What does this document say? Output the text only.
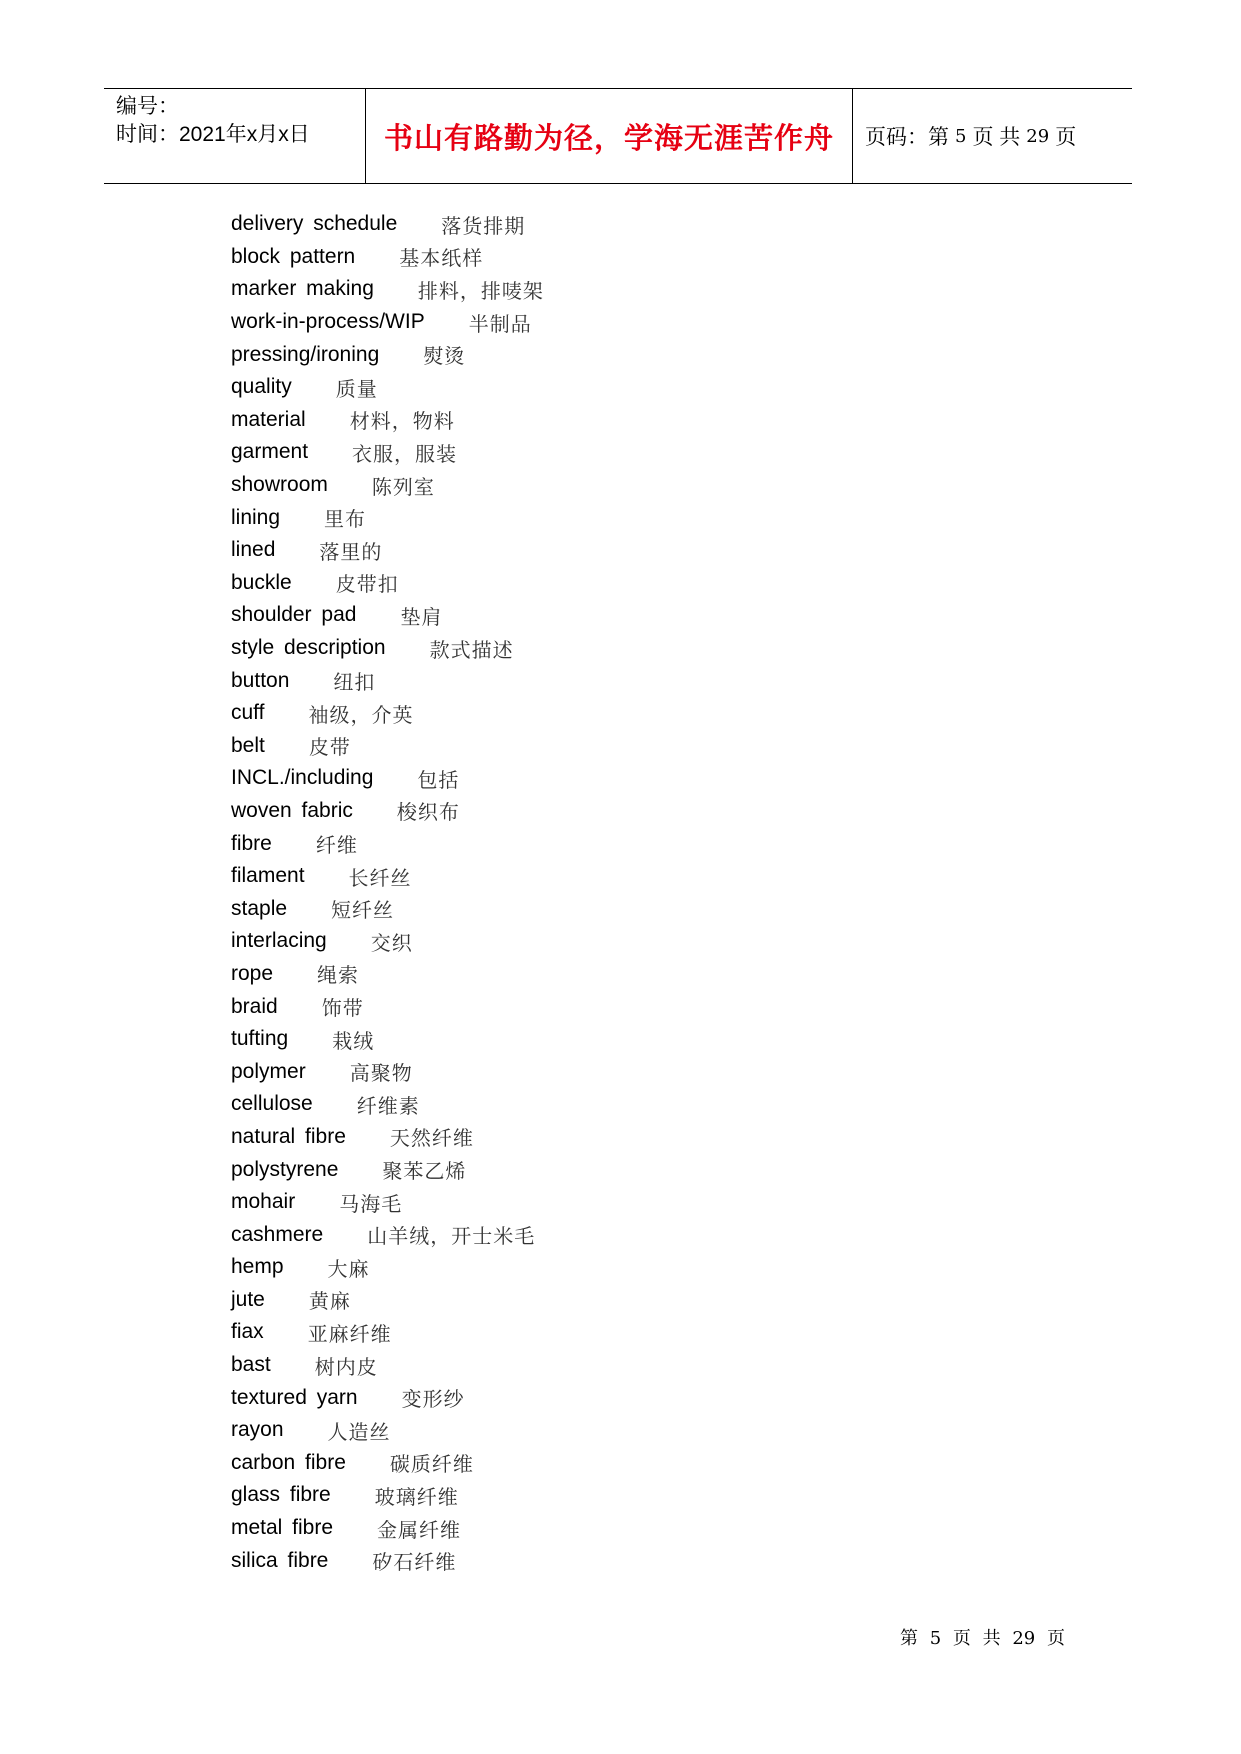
编号：
时间：2021年x月x日	书山有路勤为径，学海无涯苦作舟 页码：第 5 页 共 29 页
delivery schedule 落货排期
block pattern 基本纸样
marker making 排料，排唛架
work-in-process/WIP 半制品
pressing/ironing 熨烫
quality 质量
material 材料，物料
garment 衣服，服装
showroom 陈列室
lining 里布
lined 落里的
buckle 皮带扣
shoulder pad 垫肩
style description 款式描述
button 纽扣
cuff 袖级，介英
belt 皮带
INCL./including 包括
woven fabric 梭织布
fibre 纤维
filament 长纤丝
staple 短纤丝
interlacing 交织
rope 绳索
braid 饰带
tufting 栽绒
polymer 高聚物
cellulose 纤维素
natural fibre 天然纤维
polystyrene 聚苯乙烯
mohair 马海毛
cashmere 山羊绒，开士米毛
hemp 大麻
jute 黄麻
fiax 亚麻纤维
bast 树内皮
textured yarn 变形纱
rayon 人造丝
carbon fibre 碳质纤维
glass fibre 玻璃纤维
metal fibre 金属纤维
silica fibre 矽石纤维
第 5 页 共 29 页
